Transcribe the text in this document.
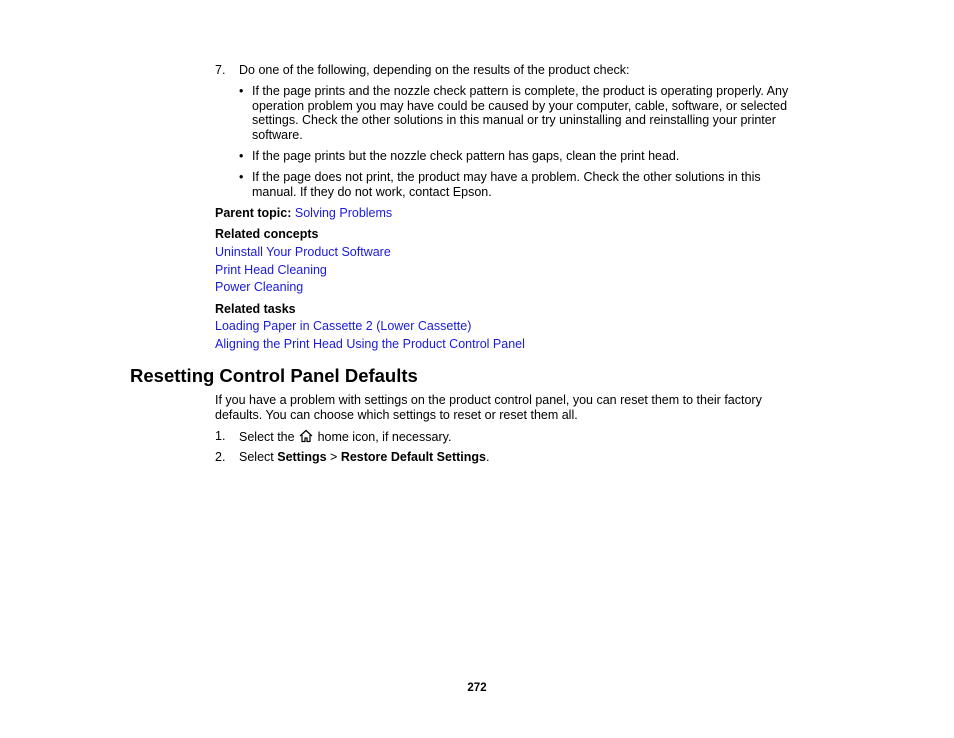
7. Do one of the following, depending on the results of the product check:
• If the page prints and the nozzle check pattern is complete, the product is operating properly. Any
operation problem you may have could be caused by your computer, cable, software, or selected
settings. Check the other solutions in this manual or try uninstalling and reinstalling your printer
software.
• If the page prints but the nozzle check pattern has gaps, clean the print head.
• If the page does not print, the product may have a problem. Check the other solutions in this
manual. If they do not work, contact Epson.
Parent topic: Solving Problems
Related concepts
Uninstall Your Product Software
Print Head Cleaning
Power Cleaning
Related tasks
Loading Paper in Cassette 2 (Lower Cassette)
Aligning the Print Head Using the Product Control Panel
Resetting Control Panel Defaults
If you have a problem with settings on the product control panel, you can reset them to their factory
defaults. You can choose which settings to reset or reset them all.
1. Select the home icon, if necessary.
2. Select Settings > Restore Default Settings.
272
